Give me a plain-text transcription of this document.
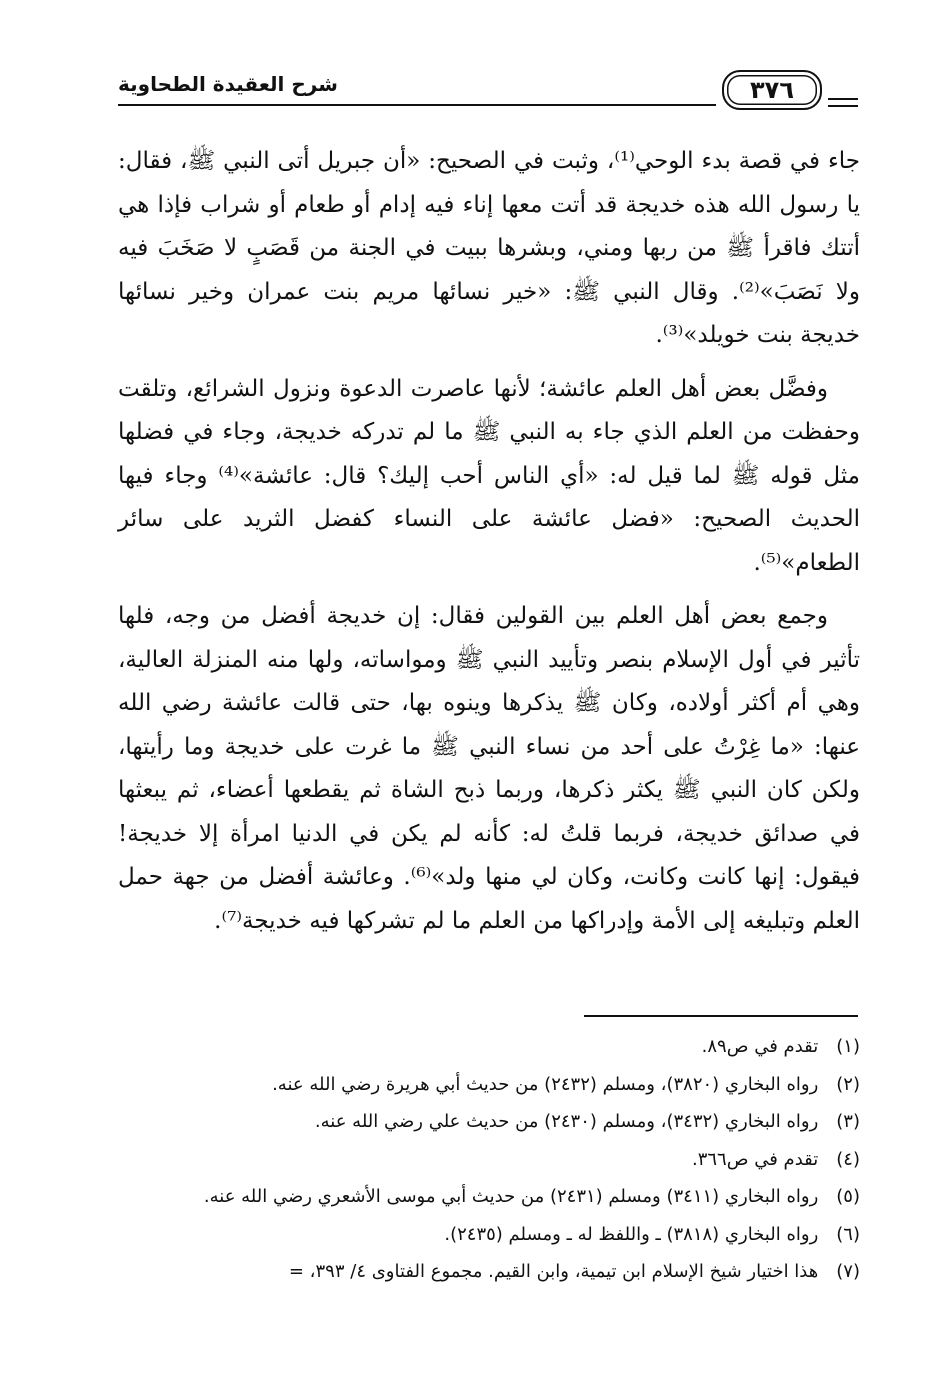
شرح العقيدة الطحاوية	٣٧٦

جاء في قصة بدء الوحي⁽¹⁾، وثبت في الصحيح: «أن جبريل أتى النبي ﷺ، فقال: يا رسول الله هذه خديجة قد أتت معها إناء فيه إدام أو طعام أو شراب فإذا هي أتتك فاقرأ ﷺ من ربها ومني، وبشرها ببيت في الجنة من قَصَبٍ لا صَخَبَ فيه ولا نَصَبَ»⁽²⁾. وقال النبي ﷺ: «خير نسائها مريم بنت عمران وخير نسائها خديجة بنت خويلد»⁽³⁾.

وفضَّل بعض أهل العلم عائشة؛ لأنها عاصرت الدعوة ونزول الشرائع، وتلقت وحفظت من العلم الذي جاء به النبي ﷺ ما لم تدركه خديجة، وجاء في فضلها مثل قوله ﷺ لما قيل له: «أي الناس أحب إليك؟ قال: عائشة»⁽⁴⁾ وجاء فيها الحديث الصحيح: «فضل عائشة على النساء كفضل الثريد على سائر الطعام»⁽⁵⁾.

وجمع بعض أهل العلم بين القولين فقال: إن خديجة أفضل من وجه، فلها تأثير في أول الإسلام بنصر وتأييد النبي ﷺ ومواساته، ولها منه المنزلة العالية، وهي أم أكثر أولاده، وكان ﷺ يذكرها وينوه بها، حتى قالت عائشة رضي الله عنها: «ما غِرْتُ على أحد من نساء النبي ﷺ ما غرت على خديجة وما رأيتها، ولكن كان النبي ﷺ يكثر ذكرها، وربما ذبح الشاة ثم يقطعها أعضاء، ثم يبعثها في صدائق خديجة، فربما قلتُ له: كأنه لم يكن في الدنيا امرأة إلا خديجة! فيقول: إنها كانت وكانت، وكان لي منها ولد»⁽⁶⁾. وعائشة أفضل من جهة حمل العلم وتبليغه إلى الأمة وإدراكها من العلم ما لم تشركها فيه خديجة⁽⁷⁾.

(١) تقدم في ص٨٩.
(٢) رواه البخاري (٣٨٢٠)، ومسلم (٢٤٣٢) من حديث أبي هريرة رضي الله عنه.
(٣) رواه البخاري (٣٤٣٢)، ومسلم (٢٤٣٠) من حديث علي رضي الله عنه.
(٤) تقدم في ص٣٦٦.
(٥) رواه البخاري (٣٤١١) ومسلم (٢٤٣١) من حديث أبي موسى الأشعري رضي الله عنه.
(٦) رواه البخاري (٣٨١٨) ـ واللفظ له ـ ومسلم (٢٤٣٥).
(٧) هذا اختيار شيخ الإسلام ابن تيمية، وابن القيم. مجموع الفتاوى ٤/ ٣٩٣، =
